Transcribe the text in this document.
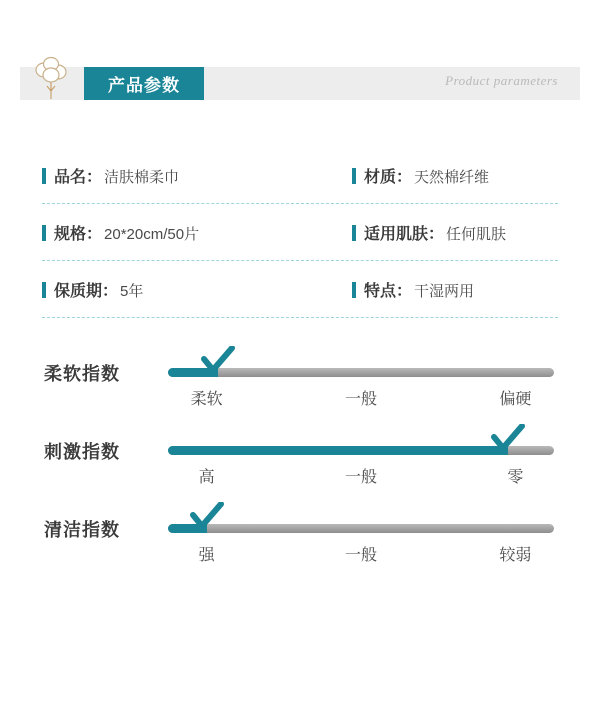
产品参数	Product parameters
品名： 洁肤棉柔巾	材质： 天然棉纤维
规格： 20*20cm/50片	适用肌肤： 任何肌肤
保质期： 5年	特点： 干湿两用
柔软指数
柔软	一般	偏硬
刺激指数
高	一般	零
清洁指数
强	一般	较弱
